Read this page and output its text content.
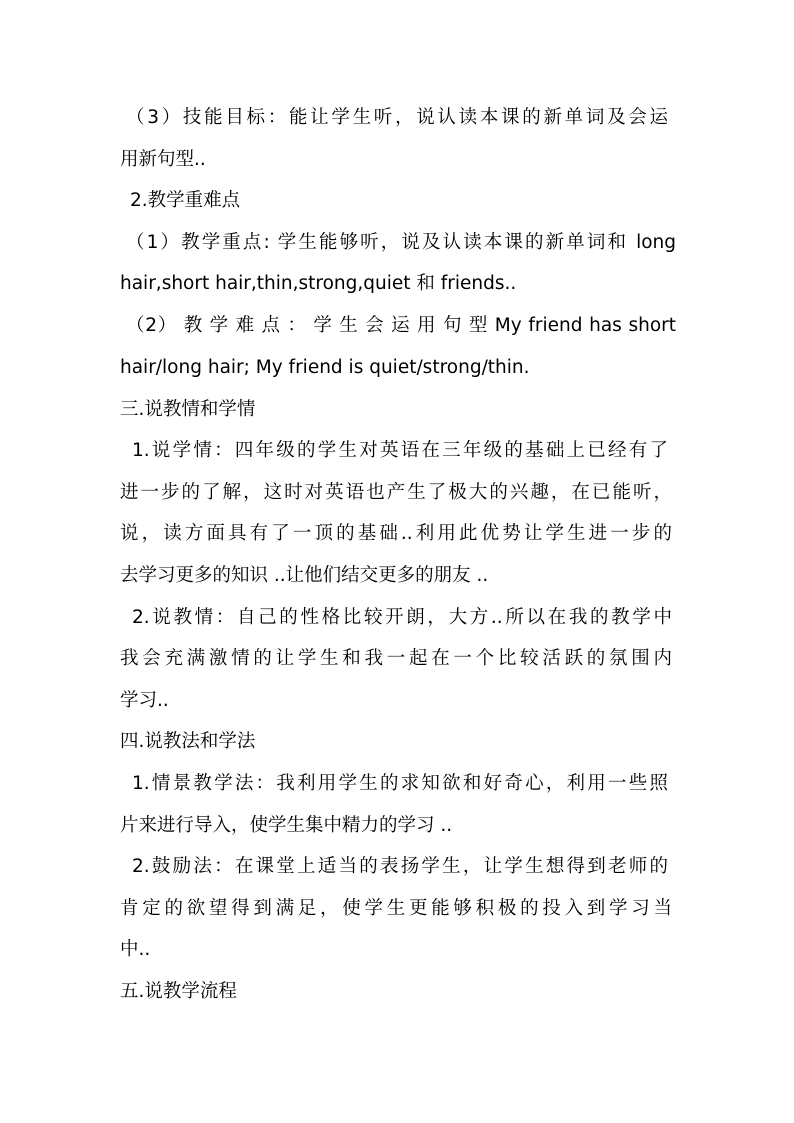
（3）技能目标：能让学生听，说认读本课的新单词及会运
用新句型..
2.教学重难点
（1）教学重点: 学生能够听，说及认读本课的新单词和 long
hair,short hair,thin,strong,quiet 和 friends..
（2） 教 学 难 点 ： 学 生 会 运 用 句 型 My friend has short
hair/long hair; My friend is quiet/strong/thin.
三.说教情和学情
1.说学情：四年级的学生对英语在三年级的基础上已经有了
进一步的了解，这时对英语也产生了极大的兴趣，在已能听，
说，读方面具有了一顶的基础..利用此优势让学生进一步的
去学习更多的知识 ..让他们结交更多的朋友 ..
2.说教情：自己的性格比较开朗，大方..所以在我的教学中
我会充满激情的让学生和我一起在一个比较活跃的氛围内
学习..
四.说教法和学法
1.情景教学法：我利用学生的求知欲和好奇心，利用一些照
片来进行导入，使学生集中精力的学习 ..
2.鼓励法：在课堂上适当的表扬学生，让学生想得到老师的
肯定的欲望得到满足，使学生更能够积极的投入到学习当
中..
五.说教学流程
